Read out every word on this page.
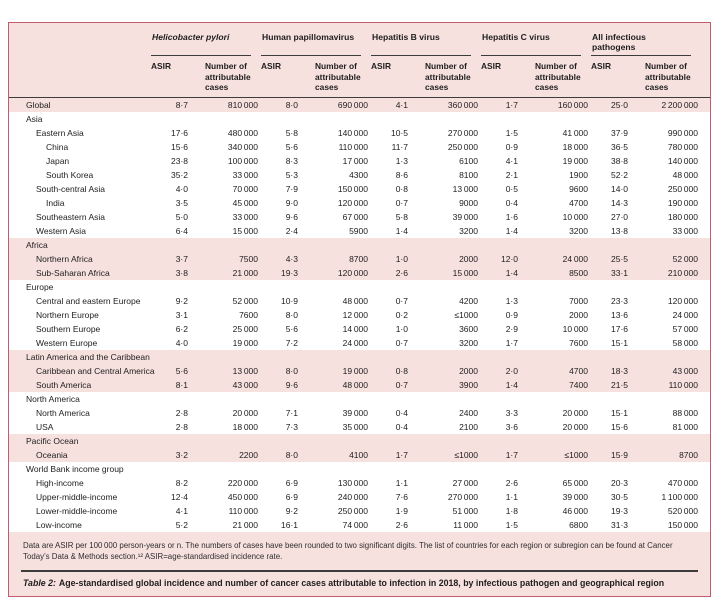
Helicobacter pylori	Human papillomavirus	Hepatitis B virus	Hepatitis C virus	All infectious pathogens
ASIR	Number of attributable cases
ASIR	Number of attributable cases
ASIR	Number of attributable cases
ASIR	Number of attributable cases
ASIR	Number of attributable cases
Global	8·7	810 000	8·0	690 000	4·1	360 000	1·7	160 000	25·0	2 200 000
Asia
Eastern Asia	17·6	480 000	5·8	140 000	10·5	270 000	1·5	41 000	37·9	990 000
China	15·6	340 000	5·6	110 000	11·7	250 000	0·9	18 000	36·5	780 000
Japan	23·8	100 000	8·3	17 000	1·3	6100	4·1	19 000	38·8	140 000
South Korea	35·2	33 000	5·3	4300	8·6	8100	2·1	1900	52·2	48 000
South-central Asia	4·0	70 000	7·9	150 000	0·8	13 000	0·5	9600	14·0	250 000
India	3·5	45 000	9·0	120 000	0·7	9000	0·4	4700	14·3	190 000
Southeastern Asia	5·0	33 000	9·6	67 000	5·8	39 000	1·6	10 000	27·0	180 000
Western Asia	6·4	15 000	2·4	5900	1·4	3200	1·4	3200	13·8	33 000
Africa
Northern Africa	3·7	7500	4·3	8700	1·0	2000	12·0	24 000	25·5	52 000
Sub-Saharan Africa	3·8	21 000	19·3	120 000	2·6	15 000	1·4	8500	33·1	210 000
Europe
Central and eastern Europe	9·2	52 000	10·9	48 000	0·7	4200	1·3	7000	23·3	120 000
Northern Europe	3·1	7600	8·0	12 000	0·2	≤1000	0·9	2000	13·6	24 000
Southern Europe	6·2	25 000	5·6	14 000	1·0	3600	2·9	10 000	17·6	57 000
Western Europe	4·0	19 000	7·2	24 000	0·7	3200	1·7	7600	15·1	58 000
Latin America and the Caribbean
Caribbean and Central America	5·6	13 000	8·0	19 000	0·8	2000	2·0	4700	18·3	43 000
South America	8·1	43 000	9·6	48 000	0·7	3900	1·4	7400	21·5	110 000
North America
North America	2·8	20 000	7·1	39 000	0·4	2400	3·3	20 000	15·1	88 000
USA	2·8	18 000	7·3	35 000	0·4	2100	3·6	20 000	15·6	81 000
Pacific Ocean
Oceania	3·2	2200	8·0	4100	1·7	≤1000	1·7	≤1000	15·9	8700
World Bank income group
High-income	8·2	220 000	6·9	130 000	1·1	27 000	2·6	65 000	20·3	470 000
Upper-middle-income	12·4	450 000	6·9	240 000	7·6	270 000	1·1	39 000	30·5	1 100 000
Lower-middle-income	4·1	110 000	9·2	250 000	1·9	51 000	1·8	46 000	19·3	520 000
Low-income	5·2	21 000	16·1	74 000	2·6	11 000	1·5	6800	31·3	150 000
Data are ASIR per 100 000 person-years or n. The numbers of cases have been rounded to two significant digits. The list of countries for each region or subregion can be found at Cancer Today’s Data & Methods section.¹² ASIR=age-standardised incidence rate.
Table 2: Age-standardised global incidence and number of cancer cases attributable to infection in 2018, by infectious pathogen and geographical region
